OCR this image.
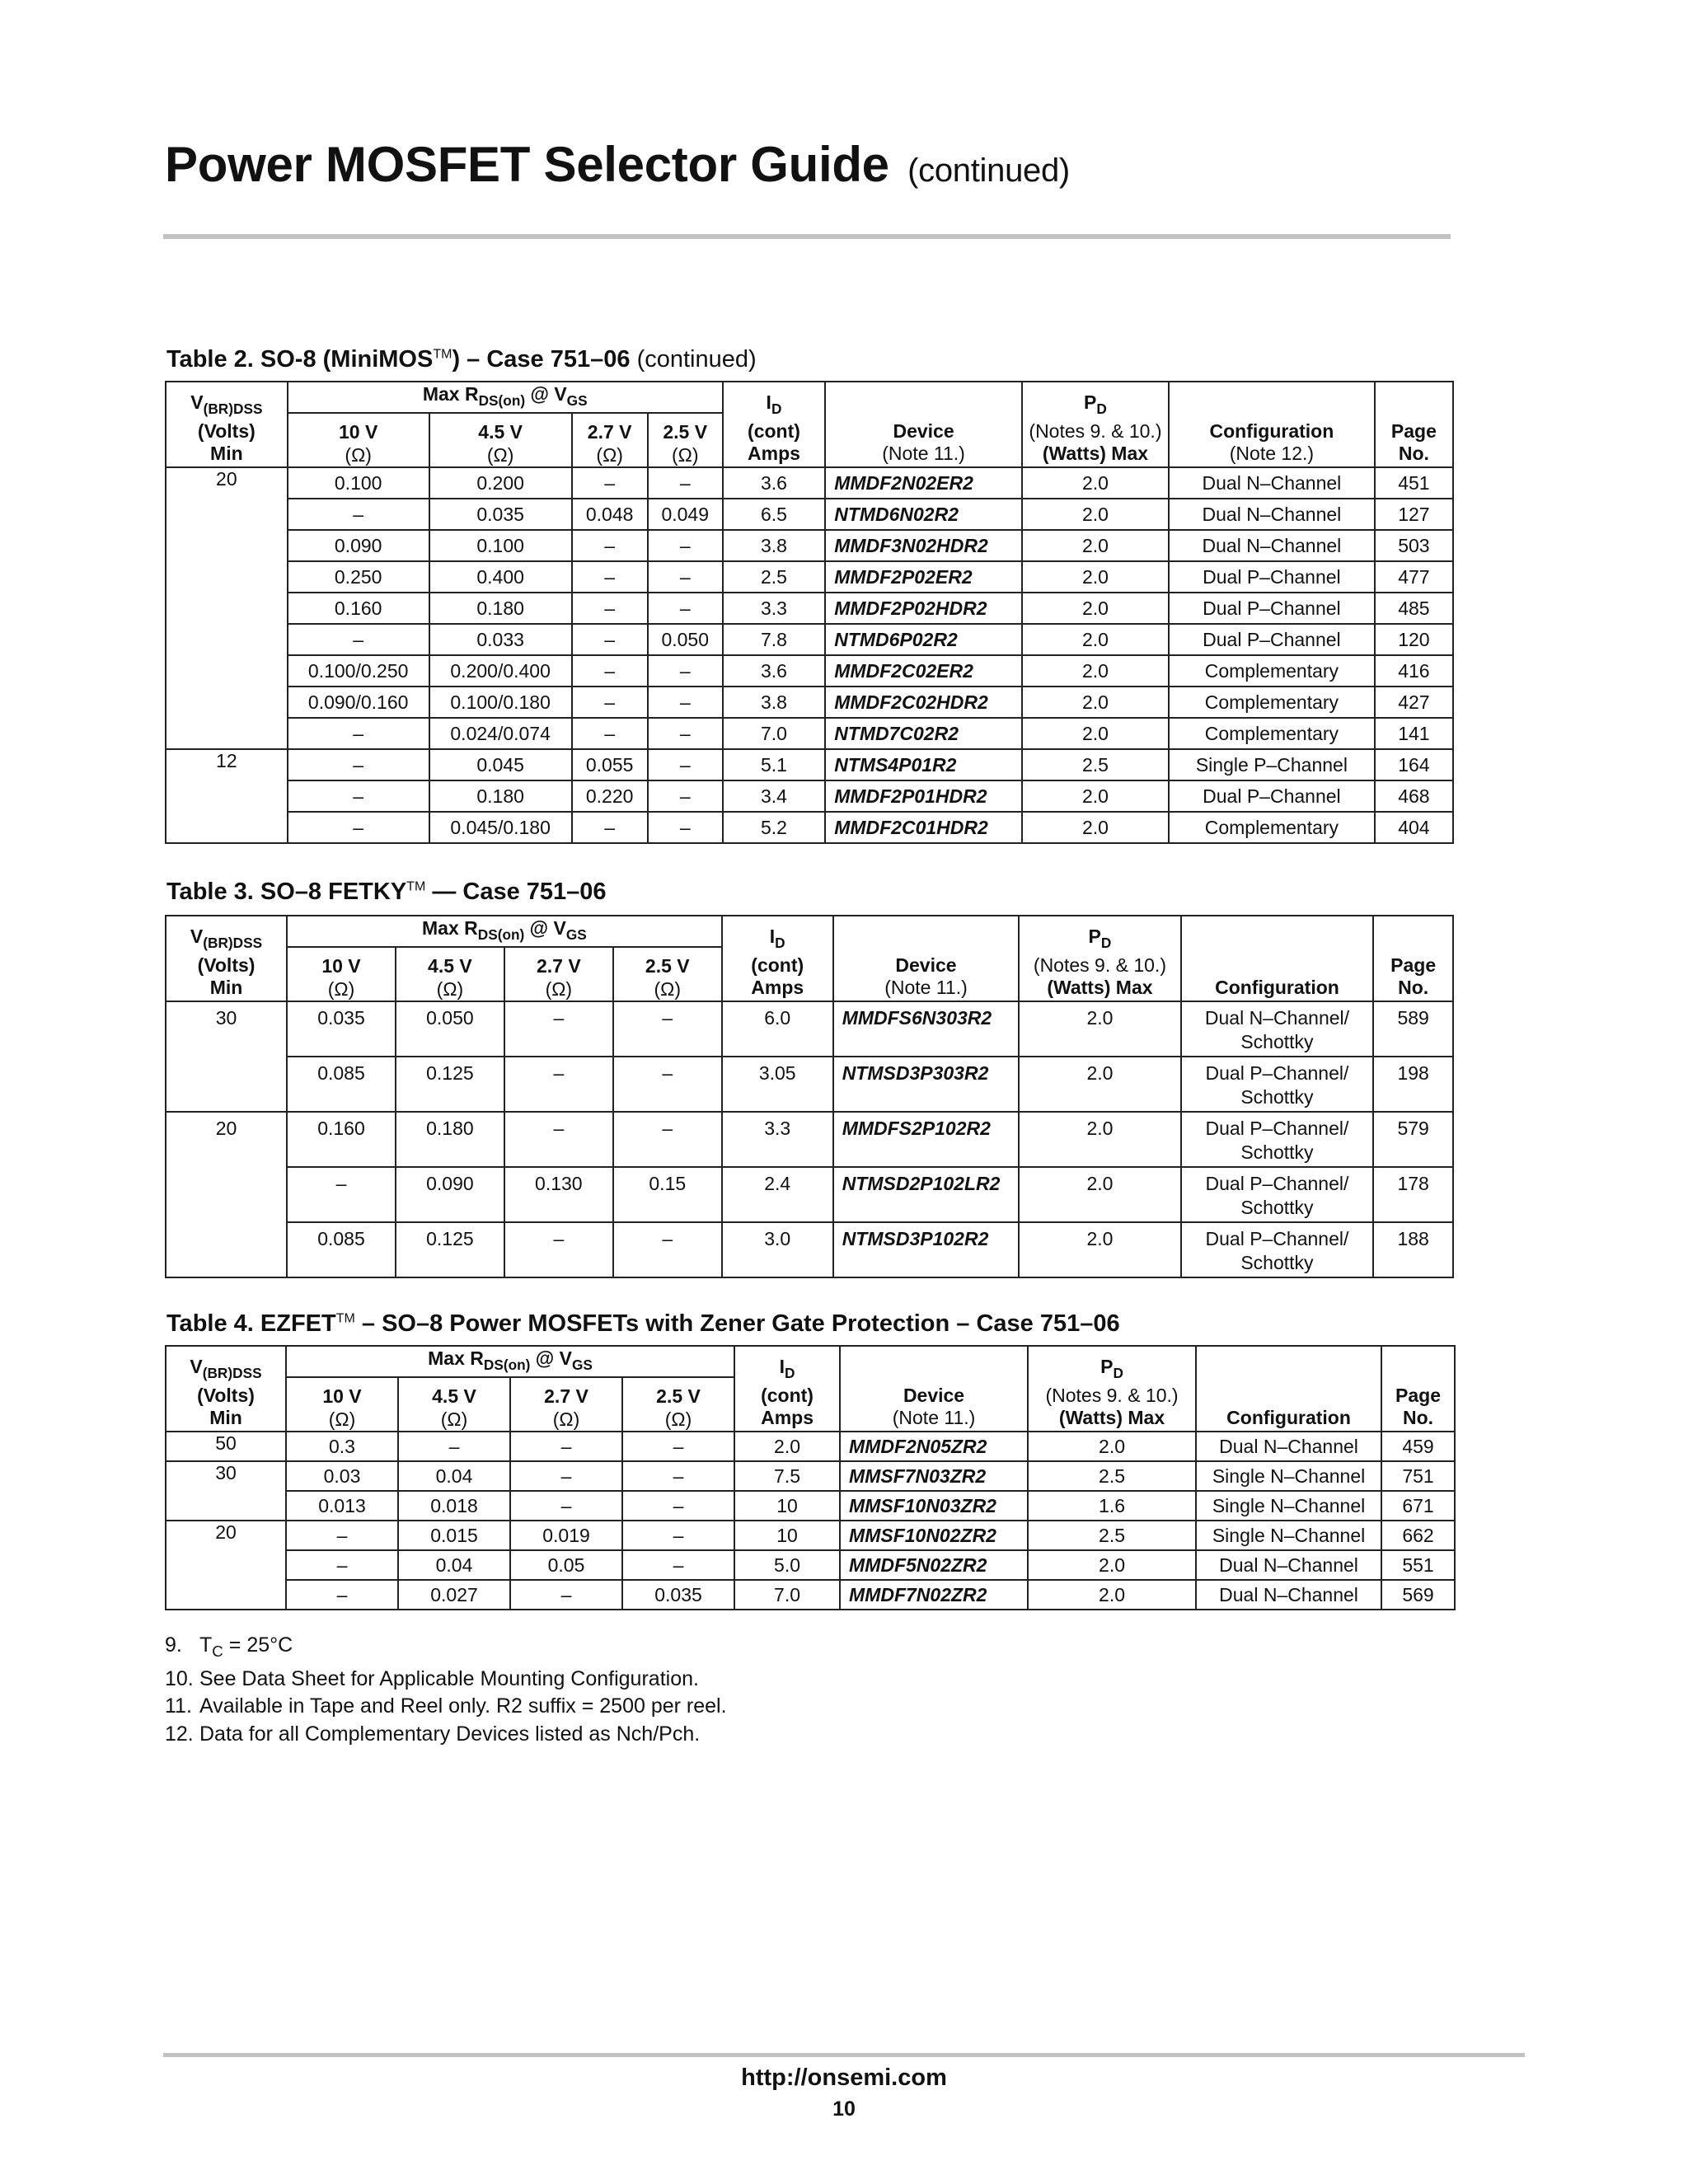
Power MOSFET Selector Guide (continued)
Table 2. SO-8 (MiniMOS™) – Case 751–06 (continued)
$V_{(BR)DSS}$
(Volts)
Min	Max $R_{DS(on)}$ @ $V_{GS}$				$I_D$
(cont)
Amps	Device
(Note 11.)	$P_D$
(Notes 9. & 10.)
(Watts) Max	Configuration
(Note 12.)	Page
No.
	10 V
(Ω)	4.5 V
(Ω)	2.7 V
(Ω)	2.5 V
(Ω)					
20	0.100	0.200	–	–	3.6	MMDF2N02ER2	2.0	Dual N–Channel	451
	–	0.035	0.048	0.049	6.5	NTMD6N02R2	2.0	Dual N–Channel	127
	0.090	0.100	–	–	3.8	MMDF3N02HDR2	2.0	Dual N–Channel	503
	0.250	0.400	–	–	2.5	MMDF2P02ER2	2.0	Dual P–Channel	477
	0.160	0.180	–	–	3.3	MMDF2P02HDR2	2.0	Dual P–Channel	485
	–	0.033	–	0.050	7.8	NTMD6P02R2	2.0	Dual P–Channel	120
	0.100/0.250	0.200/0.400	–	–	3.6	MMDF2C02ER2	2.0	Complementary	416
	0.090/0.160	0.100/0.180	–	–	3.8	MMDF2C02HDR2	2.0	Complementary	427
	–	0.024/0.074	–	–	7.0	NTMD7C02R2	2.0	Complementary	141
12	–	0.045	0.055	–	5.1	NTMS4P01R2	2.5	Single P–Channel	164
	–	0.180	0.220	–	3.4	MMDF2P01HDR2	2.0	Dual P–Channel	468
	–	0.045/0.180	–	–	5.2	MMDF2C01HDR2	2.0	Complementary	404
Table 3. SO–8 FETKY™ — Case 751–06
$V_{(BR)DSS}$
(Volts)
Min	Max $R_{DS(on)}$ @ $V_{GS}$				$I_D$
(cont)
Amps	Device
(Note 11.)	$P_D$
(Notes 9. & 10.)
(Watts) Max	Configuration	Page
No.
	10 V
(Ω)	4.5 V
(Ω)	2.7 V
(Ω)	2.5 V
(Ω)					
30	0.035	0.050	–	–	6.0	MMDFS6N303R2	2.0	Dual N–Channel/
Schottky	589
	0.085	0.125	–	–	3.05	NTMSD3P303R2	2.0	Dual P–Channel/
Schottky	198
20	0.160	0.180	–	–	3.3	MMDFS2P102R2	2.0	Dual P–Channel/
Schottky	579
	–	0.090	0.130	0.15	2.4	NTMSD2P102LR2	2.0	Dual P–Channel/
Schottky	178
	0.085	0.125	–	–	3.0	NTMSD3P102R2	2.0	Dual P–Channel/
Schottky	188
Table 4. EZFET™ – SO–8 Power MOSFETs with Zener Gate Protection – Case 751–06
$V_{(BR)DSS}$
(Volts)
Min	Max $R_{DS(on)}$ @ $V_{GS}$				$I_D$
(cont)
Amps	Device
(Note 11.)	$P_D$
(Notes 9. & 10.)
(Watts) Max	Configuration	Page
No.
	10 V
(Ω)	4.5 V
(Ω)	2.7 V
(Ω)	2.5 V
(Ω)					
50	0.3	–	–	–	2.0	MMDF2N05ZR2	2.0	Dual N–Channel	459
30	0.03	0.04	–	–	7.5	MMSF7N03ZR2	2.5	Single N–Channel	751
	0.013	0.018	–	–	10	MMSF10N03ZR2	1.6	Single N–Channel	671
20	–	0.015	0.019	–	10	MMSF10N02ZR2	2.5	Single N–Channel	662
	–	0.04	0.05	–	5.0	MMDF5N02ZR2	2.0	Dual N–Channel	551
	–	0.027	–	0.035	7.0	MMDF7N02ZR2	2.0	Dual N–Channel	569
9. $T_C = 25^\circ C$
10. See Data Sheet for Applicable Mounting Configuration.
11. Available in Tape and Reel only. R2 suffix = 2500 per reel.
12. Data for all Complementary Devices listed as Nch/Pch.
http://onsemi.com
10
